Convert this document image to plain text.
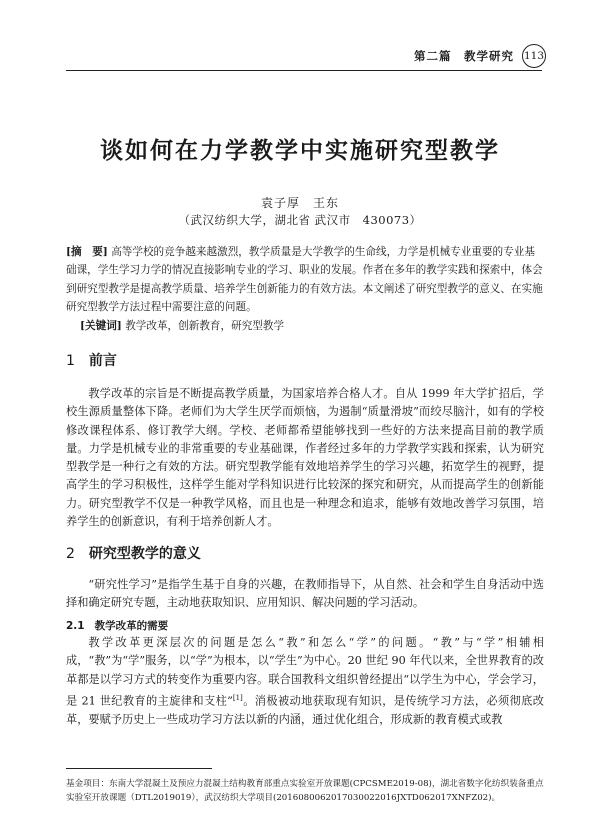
第二篇　教学研究 113
谈如何在力学教学中实施研究型教学
袁子厚　王东
（武汉纺织大学，湖北省 武汉市　430073）
[摘　要] 高等学校的竞争越来越激烈，教学质量是大学教学的生命线，力学是机械专业重要的专业基础课，学生学习力学的情况直接影响专业的学习、职业的发展。作者在多年的教学实践和探索中，体会到研究型教学是提高教学质量、培养学生创新能力的有效方法。本文阐述了研究型教学的意义、在实施研究型教学方法过程中需要注意的问题。
[关键词] 教学改革，创新教育，研究型教学
1 前言
教学改革的宗旨是不断提高教学质量，为国家培养合格人才。自从 1999 年大学扩招后，学校生源质量整体下降。老师们为大学生厌学而烦恼，为遏制“质量滑坡”而绞尽脑汁，如有的学校修改课程体系、修订教学大纲。学校、老师都希望能够找到一些好的方法来提高目前的教学质量。力学是机械专业的非常重要的专业基础课，作者经过多年的力学教学实践和探索，认为研究型教学是一种行之有效的方法。研究型教学能有效地培养学生的学习兴趣，拓宽学生的视野，提高学生的学习积极性，这样学生能对学科知识进行比较深的探究和研究，从而提高学生的创新能力。研究型教学不仅是一种教学风格，而且也是一种理念和追求，能够有效地改善学习氛围，培养学生的创新意识，有利于培养创新人才。
2 研究型教学的意义
“研究性学习”是指学生基于自身的兴趣，在教师指导下，从自然、社会和学生自身活动中选择和确定研究专题，主动地获取知识、应用知识、解决问题的学习活动。
2.1 教学改革的需要
教学改革更深层次的问题是怎么“教”和怎么“学”的问题。“教”与“学”相辅相成，“教”为“学”服务，以“学”为根本，以“学生”为中心。20 世纪 90 年代以来，全世界教育的改革都是以学习方式的转变作为重要内容。联合国教科文组织曾经提出“以学生为中心，学会学习，是 21 世纪教育的主旋律和支柱”[1]。消极被动地获取现有知识，是传统学习方法，必须彻底改革，要赋予历史上一些成功学习方法以新的内涵，通过优化组合，形成新的教育模式或教
基金项目：东南大学混凝土及预应力混凝土结构教育部重点实验室开放课题(CPCSME2019-08)，湖北省数字化纺织装备重点实验室开放课题（DTL2019019），武汉纺织大学项目(2016080062017030022016JXTD062017XNFZ02)。
